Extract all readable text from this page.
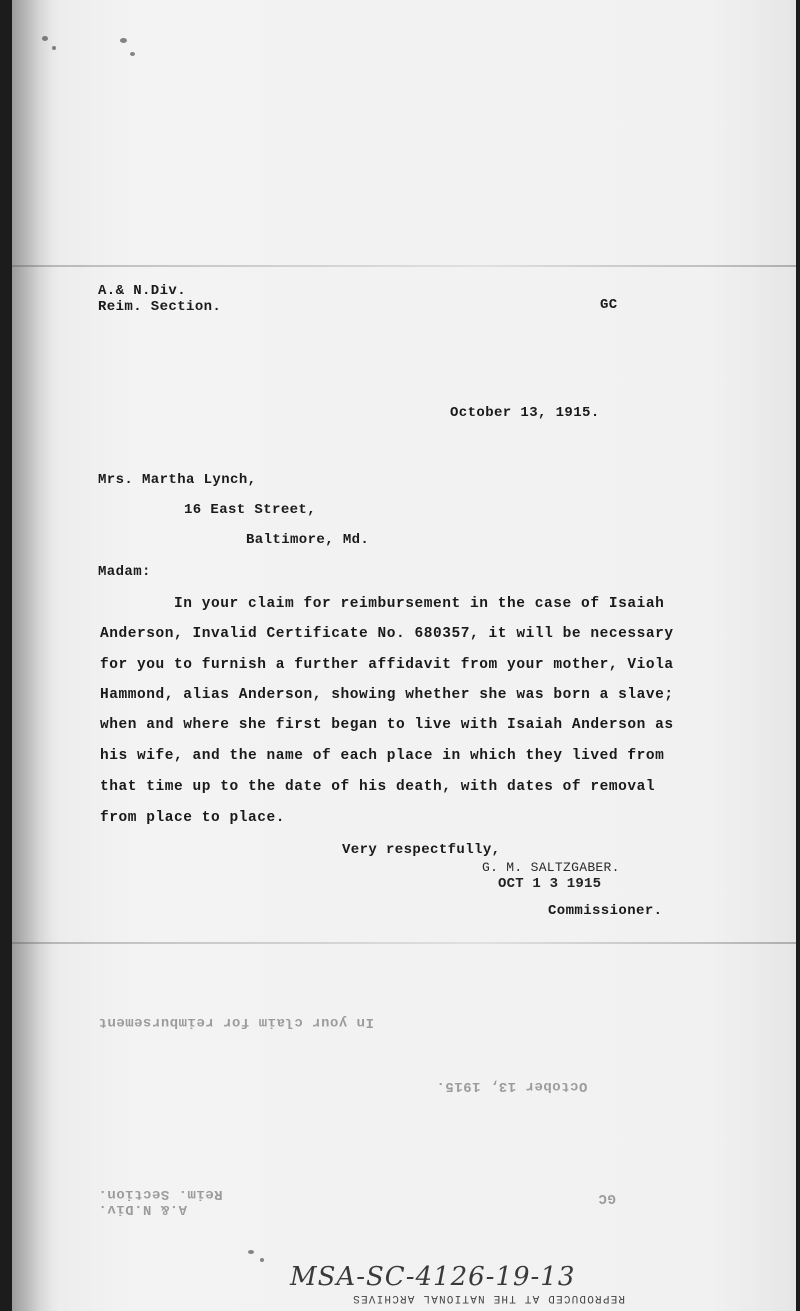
A.& N.Div.

Reim. Section.	GC

October 13, 1915.

Mrs. Martha Lynch,

16 East Street,

Baltimore, Md.

Madam:

In your claim for reimbursement in the case of Isaiah

Anderson, Invalid Certificate No. 680357, it will be necessary

for you to furnish a further affidavit from your mother, Viola

Hammond, alias Anderson, showing whether she was born a slave;

when and where she first began to live with Isaiah Anderson as

his wife, and the name of each place in which they lived from

that time up to the date of his death, with dates of removal

from place to place.

Very respectfully,

G. M. SALTZGABER.

OCT 1 3 1915

Commissioner.

In your claim for reimbursement

October 13, 1915.

Reim. Section.

A.& N.Div.

GC

MSA-SC-4126-19-13

REPRODUCED AT THE NATIONAL ARCHIVES
